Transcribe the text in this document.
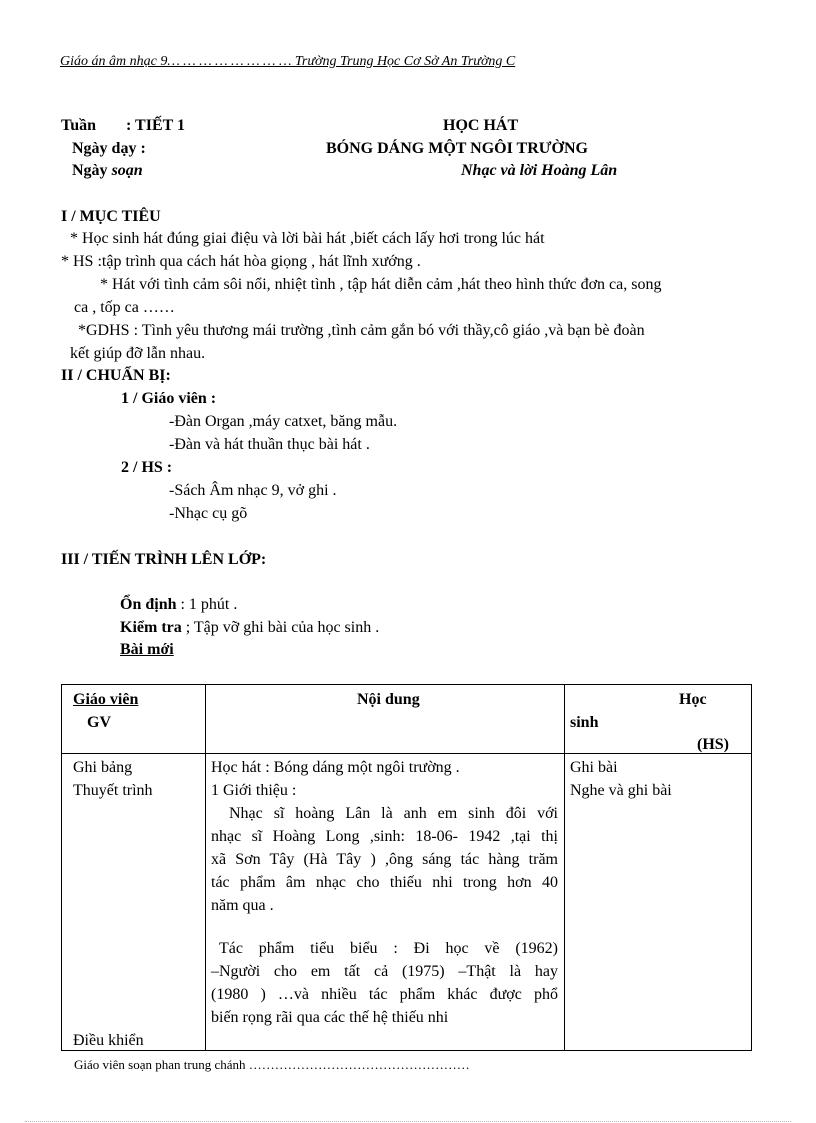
Giáo án âm nhạc 9… … … … … … … … Trường Trung Học Cơ Sở An Trường C
Tuần : TIẾT 1
Ngày dạy :
Ngày soạn
HỌC HÁT
BÓNG DÁNG MỘT NGÔI TRƯỜNG
Nhạc và lời Hoàng Lân
I / MỤC TIÊU
* Học sinh hát đúng giai điệu và lời bài hát ,biết cách lấy hơi trong lúc hát
* HS :tập trình qua cách hát hòa giọng , hát lĩnh xướng .
* Hát với tình cảm sôi nổi, nhiệt tình , tập hát diễn cảm ,hát theo hình thức đơn ca, song
ca , tốp ca ……
*GDHS : Tình yêu thương mái trường ,tình cảm gắn bó với thầy,cô giáo ,và bạn bè đoàn
kết giúp đỡ lẫn nhau.
II / CHUẨN BỊ:
1 / Giáo viên :
-Đàn Organ ,máy catxet, băng mẫu.
-Đàn và hát thuần thục bài hát .
2 / HS :
-Sách Âm nhạc 9, vở ghi .
-Nhạc cụ gõ
III / TIẾN TRÌNH LÊN LỚP:
Ổn định : 1 phút .
Kiểm tra ; Tập vỡ ghi bài của học sinh .
Bài mới
Giáo viên
GV
Nội dung	Học
sinh
(HS)
Ghi bảng
Thuyết trình
Điều khiển
Học hát : Bóng dáng một ngôi trường .
1 Giới thiệu :
Nhạc sĩ hoàng Lân là anh em sinh đôi với
nhạc sĩ Hoàng Long ,sinh: 18-06- 1942 ,tại thị
xã Sơn Tây (Hà Tây ) ,ông sáng tác hàng trăm
tác phẩm âm nhạc cho thiếu nhi trong hơn 40
năm qua .
Tác phẩm tiểu biểu : Đi học về (1962)
–Người cho em tất cả (1975) –Thật là hay
(1980 ) …và nhiều tác phẩm khác được phổ
biến rọng rãi qua các thế hệ thiếu nhi
Ghi bài
Nghe và ghi bài
Giáo viên soạn phan trung chánh ……………………………………………
